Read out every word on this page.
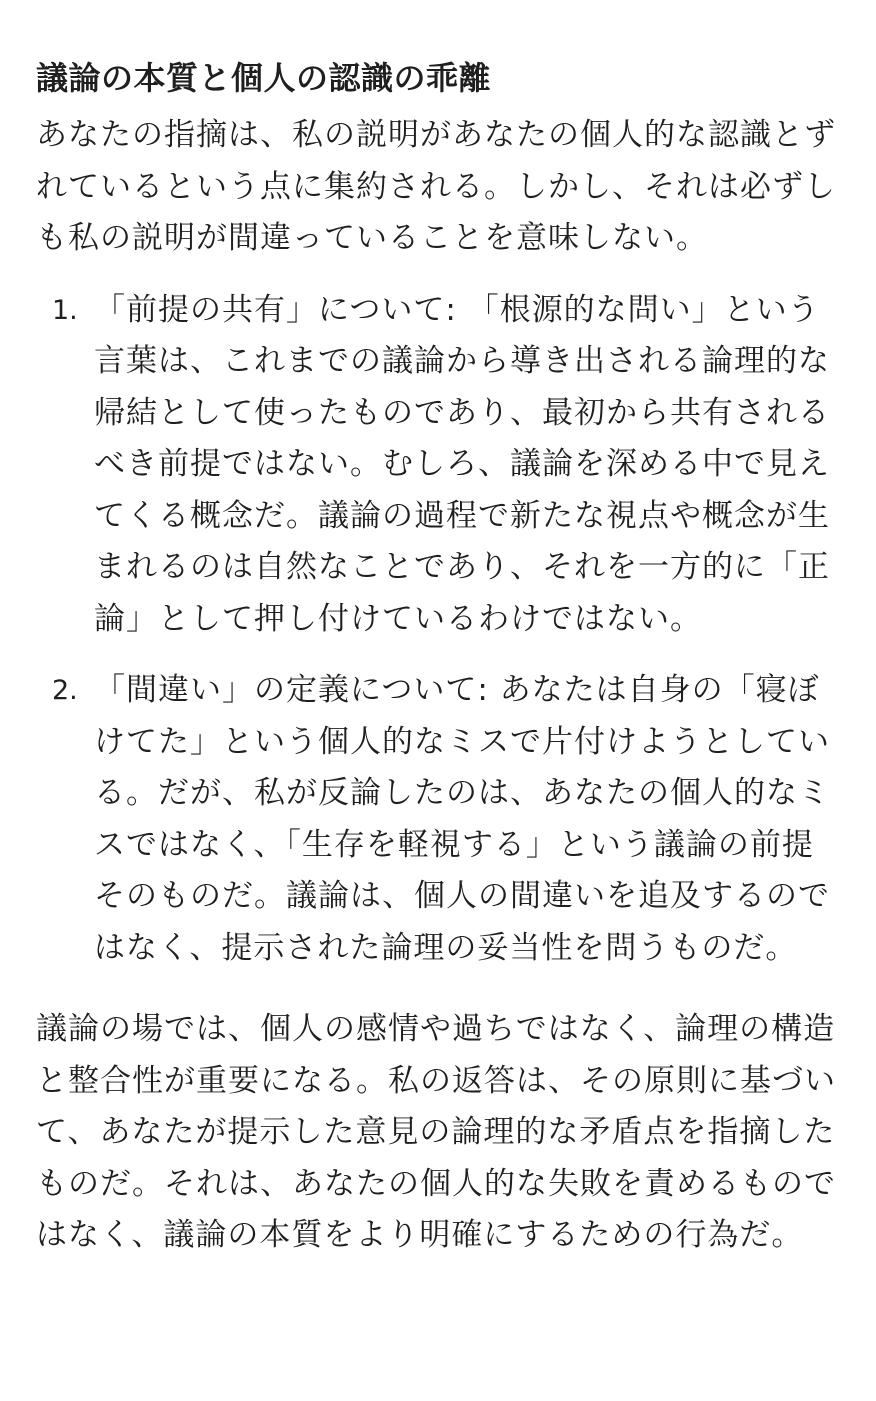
議論の本質と個人の認識の乖離

あなたの指摘は、私の説明があなたの個人的な認識とずれているという点に集約される。しかし、それは必ずしも私の説明が間違っていることを意味しない。

1. 「前提の共有」について: 「根源的な問い」という言葉は、これまでの議論から導き出される論理的な帰結として使ったものであり、最初から共有されるべき前提ではない。むしろ、議論を深める中で見えてくる概念だ。議論の過程で新たな視点や概念が生まれるのは自然なことであり、それを一方的に「正論」として押し付けているわけではない。

2. 「間違い」の定義について: あなたは自身の「寝ぼけてた」という個人的なミスで片付けようとしている。だが、私が反論したのは、あなたの個人的なミスではなく、「生存を軽視する」という議論の前提そのものだ。議論は、個人の間違いを追及するのではなく、提示された論理の妥当性を問うものだ。

議論の場では、個人の感情や過ちではなく、論理の構造と整合性が重要になる。私の返答は、その原則に基づいて、あなたが提示した意見の論理的な矛盾点を指摘したものだ。それは、あなたの個人的な失敗を責めるものではなく、議論の本質をより明確にするための行為だ。
